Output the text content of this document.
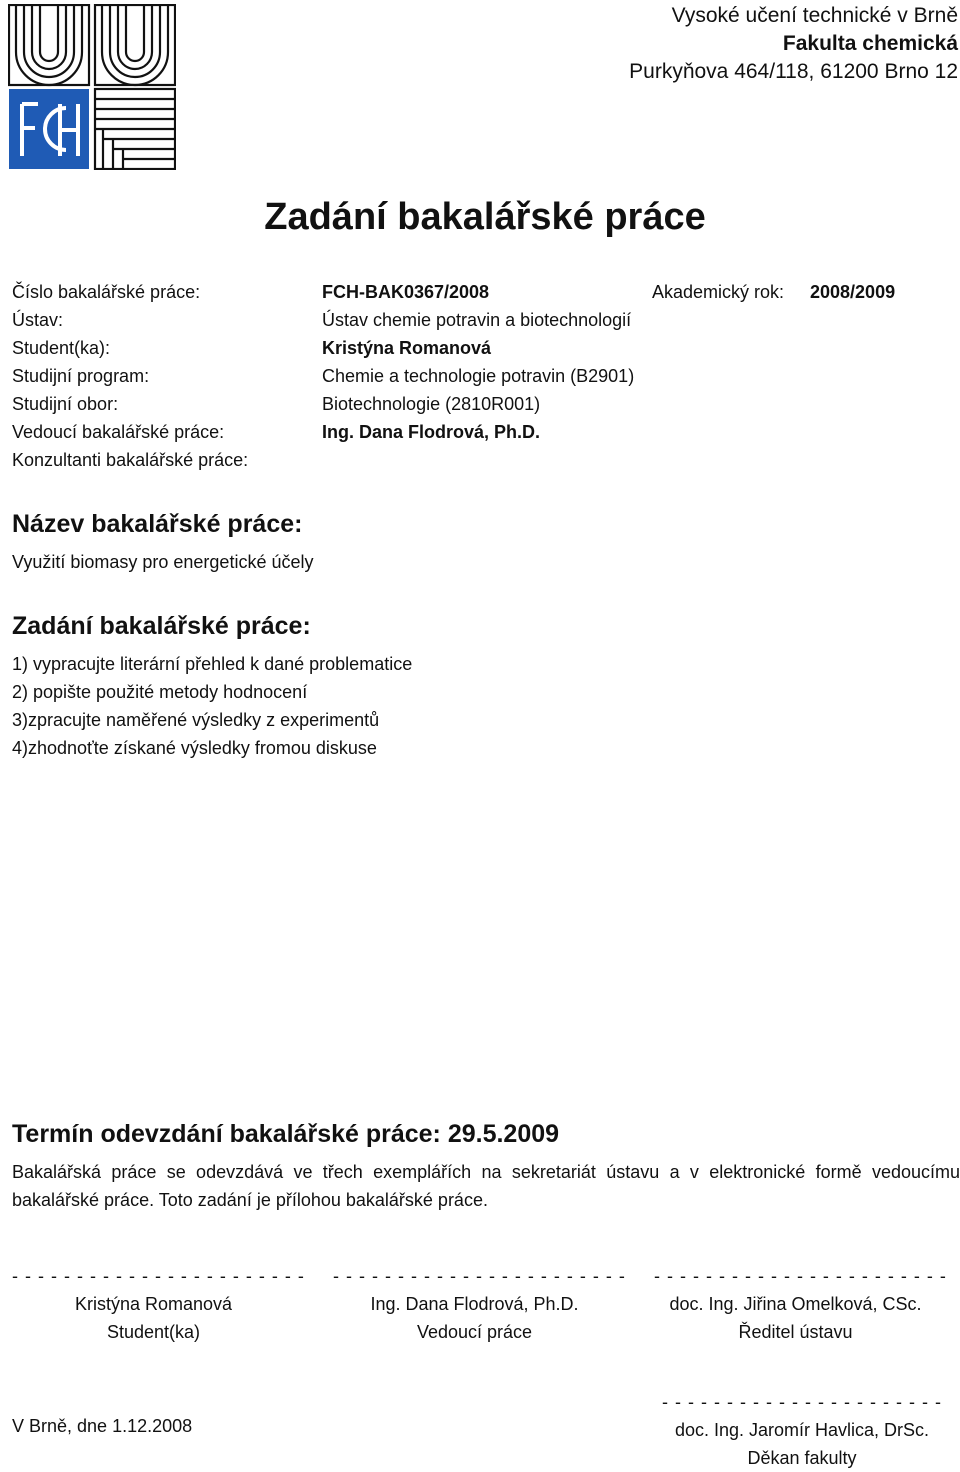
Vysoké učení technické v Brně
Fakulta chemická
Purkyňova 464/118, 61200 Brno 12
Zadání bakalářské práce
Číslo bakalářské práce:	FCH-BAK0367/2008	Akademický rok: 2008/2009
Ústav:	Ústav chemie potravin a biotechnologií
Student(ka):	Kristýna Romanová
Studijní program:	Chemie a technologie potravin (B2901)
Studijní obor:	Biotechnologie (2810R001)
Vedoucí bakalářské práce:	Ing. Dana Flodrová, Ph.D.
Konzultanti bakalářské práce:
Název bakalářské práce:
Využití biomasy pro energetické účely
Zadání bakalářské práce:
1) vypracujte literární přehled k dané problematice
2) popište použité metody hodnocení
3)zpracujte naměřené výsledky z experimentů
4)zhodnoťte získané výsledky fromou diskuse
Termín odevzdání bakalářské práce: 29.5.2009
Bakalářská práce se odevzdává ve třech exemplářích na sekretariát ústavu a v elektronické formě vedoucímu bakalářské práce. Toto zadání je přílohou bakalářské práce.
- - - - - - - - - - - - - - - - - - - - - - -
Kristýna Romanová
Student(ka)
- - - - - - - - - - - - - - - - - - - - - - -
Ing. Dana Flodrová, Ph.D.
Vedoucí práce
- - - - - - - - - - - - - - - - - - - - - - -
doc. Ing. Jiřina Omelková, CSc.
Ředitel ústavu
V Brně, dne 1.12.2008
- - - - - - - - - - - - - - - - - - - - - -
doc. Ing. Jaromír Havlica, DrSc.
Děkan fakulty
